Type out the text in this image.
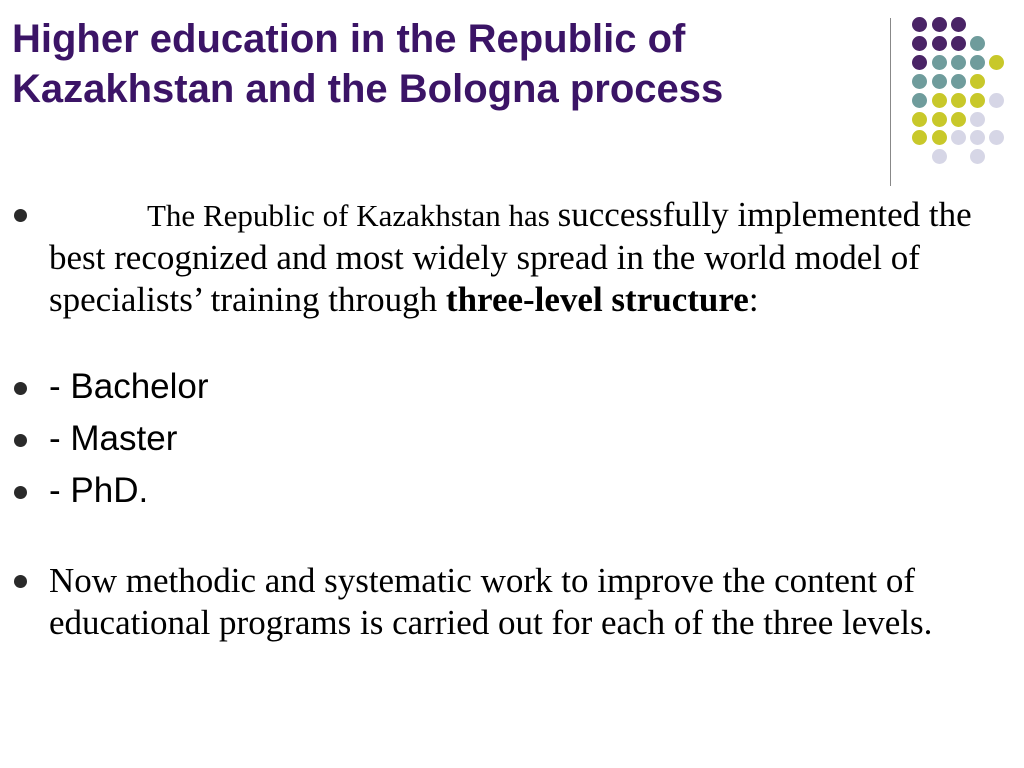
Higher education in the Republic of
Kazakhstan and the Bologna process
The Republic of Kazakhstan has successfully implemented the best recognized and most widely spread in the world model of specialists’ training through three-level structure:
- Bachelor
- Master
- PhD.
Now methodic and systematic work to improve the content of educational programs is carried out for each of the three levels.
